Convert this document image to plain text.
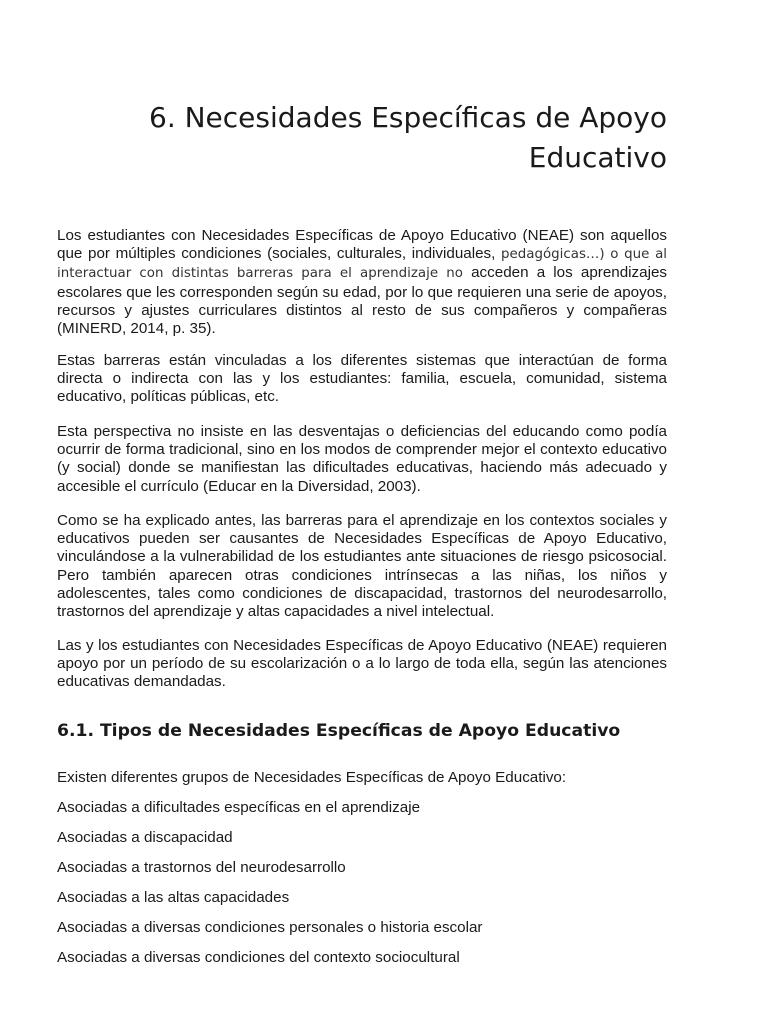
6. Necesidades Específicas de Apoyo
Educativo

Los estudiantes con Necesidades Específicas de Apoyo Educativo (NEAE) son aquellos que por múltiples condiciones (sociales, culturales, individuales, pedagógicas…) o que al interactuar con distintas barreras para el aprendizaje no acceden a los aprendizajes escolares que les corresponden según su edad, por lo que requieren una serie de apoyos, recursos y ajustes curriculares distintos al resto de sus compañeros y compañeras (MINERD, 2014, p. 35).

Estas barreras están vinculadas a los diferentes sistemas que interactúan de forma directa o indirecta con las y los estudiantes: familia, escuela, comunidad, sistema educativo, políticas públicas, etc.

Esta perspectiva no insiste en las desventajas o deficiencias del educando como podía ocurrir de forma tradicional, sino en los modos de comprender mejor el contexto educativo (y social) donde se manifiestan las dificultades educativas, haciendo más adecuado y accesible el currículo (Educar en la Diversidad, 2003).

Como se ha explicado antes, las barreras para el aprendizaje en los contextos sociales y educativos pueden ser causantes de Necesidades Específicas de Apoyo Educativo, vinculándose a la vulnerabilidad de los estudiantes ante situaciones de riesgo psicosocial. Pero también aparecen otras condiciones intrínsecas a las niñas, los niños y adolescentes, tales como condiciones de discapacidad, trastornos del neurodesarrollo, trastornos del aprendizaje y altas capacidades a nivel intelectual.

Las y los estudiantes con Necesidades Específicas de Apoyo Educativo (NEAE) requieren apoyo por un período de su escolarización o a lo largo de toda ella, según las atenciones educativas demandadas.

6.1. Tipos de Necesidades Específicas de Apoyo Educativo
Existen diferentes grupos de Necesidades Específicas de Apoyo Educativo:
Asociadas a dificultades específicas en el aprendizaje
Asociadas a discapacidad
Asociadas a trastornos del neurodesarrollo
Asociadas a las altas capacidades
Asociadas a diversas condiciones personales o historia escolar
Asociadas a diversas condiciones del contexto sociocultural
